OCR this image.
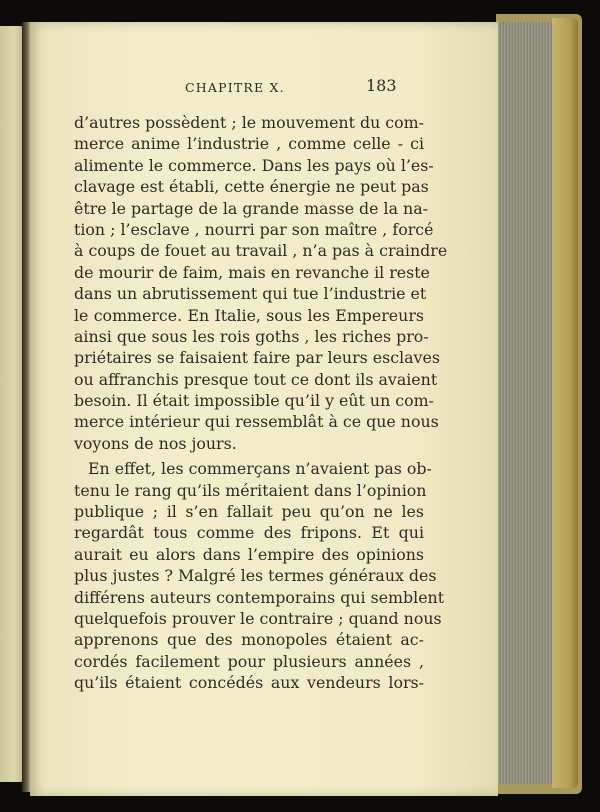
CHAPITRE X.	183
d’autres possèdent ; le mouvement du com-
merce anime l’industrie , comme celle - ci
alimente le commerce. Dans les pays où l’es-
clavage est établi, cette énergie ne peut pas
être le partage de la grande masse de la na-
tion ; l’esclave , nourri par son maître , forcé
à coups de fouet au travail , n’a pas à craindre
de mourir de faim, mais en revanche il reste
dans un abrutissement qui tue l’industrie et
le commerce. En Italie, sous les Empereurs
ainsi que sous les rois goths , les riches pro-
priétaires se faisaient faire par leurs esclaves
ou affranchis presque tout ce dont ils avaient
besoin. Il était impossible qu’il y eût un com-
merce intérieur qui ressemblât à ce que nous
voyons de nos jours.
En effet, les commerçans n’avaient pas ob-
tenu le rang qu’ils méritaient dans l’opinion
publique ; il s’en fallait peu qu’on ne les
regardât tous comme des fripons. Et qui
aurait eu alors dans l’empire des opinions
plus justes ? Malgré les termes généraux des
différens auteurs contemporains qui semblent
quelquefois prouver le contraire ; quand nous
apprenons que des monopoles étaient ac-
cordés facilement pour plusieurs années ,
qu’ils étaient concédés aux vendeurs lors-
